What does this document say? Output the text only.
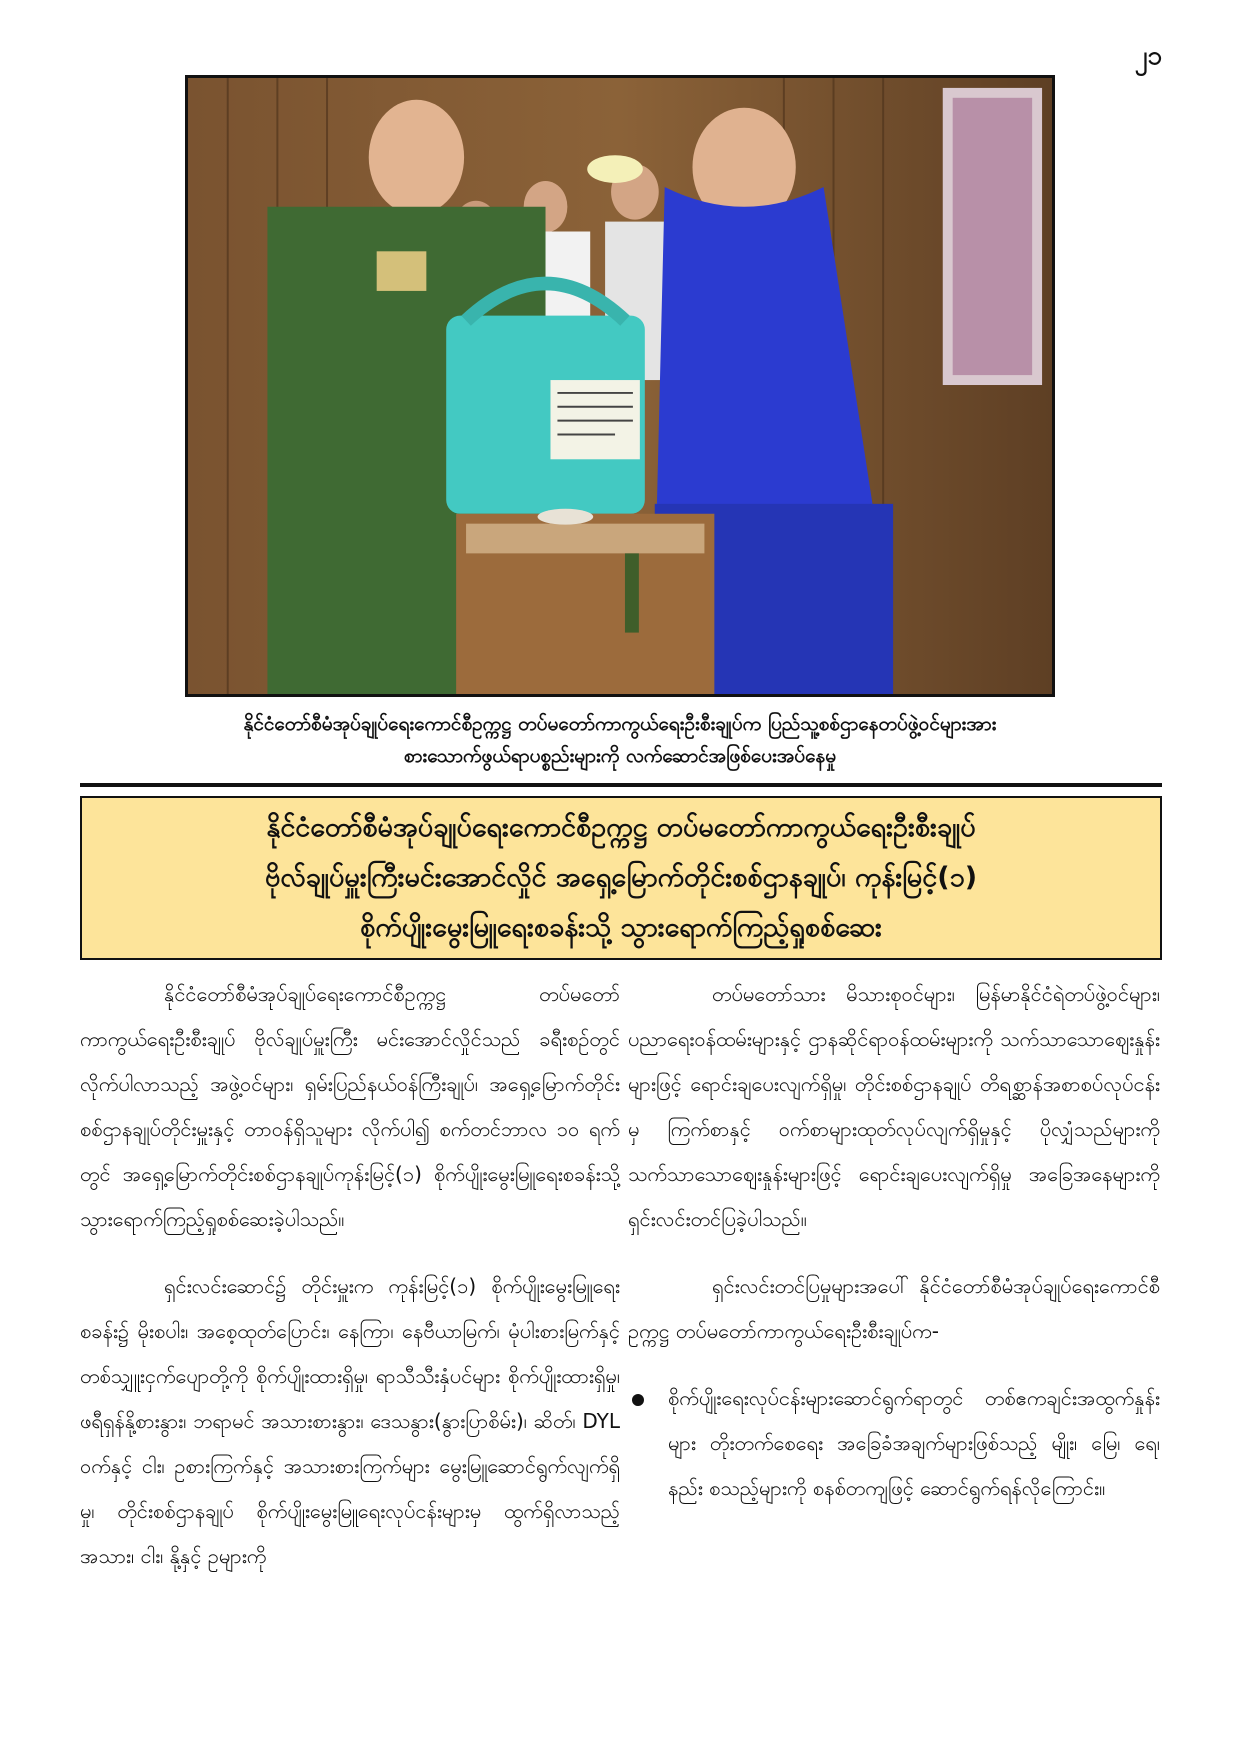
၂၁
နိုင်ငံတော်စီမံအုပ်ချုပ်ရေးကောင်စီဥက္ကဋ္ဌ တပ်မတော်ကာကွယ်ရေးဦးစီးချုပ်က ပြည်သူ့စစ်ဌာနေတပ်ဖွဲ့ဝင်များအား
စားသောက်ဖွယ်ရာပစ္စည်းများကို လက်ဆောင်အဖြစ်ပေးအပ်နေမှု
နိုင်ငံတော်စီမံအုပ်ချုပ်ရေးကောင်စီဥက္ကဋ္ဌ တပ်မတော်ကာကွယ်ရေးဦးစီးချုပ်
ဗိုလ်ချုပ်မှူးကြီးမင်းအောင်လှိုင် အရှေ့မြောက်တိုင်းစစ်ဌာနချုပ်၊ ကုန်းမြင့်(၁)
စိုက်ပျိုးမွေးမြူရေးစခန်းသို့ သွားရောက်ကြည့်ရှုစစ်ဆေး

နိုင်ငံတော်စီမံအုပ်ချုပ်ရေးကောင်စီဥက္ကဋ္ဌ တပ်မတော်ကာကွယ်ရေးဦးစီးချုပ် ဗိုလ်ချုပ်မှူးကြီး မင်းအောင်လှိုင်သည် ခရီးစဉ်တွင်လိုက်ပါလာသည့် အဖွဲ့ဝင်များ၊ ရှမ်းပြည်နယ်ဝန်ကြီးချုပ်၊ အရှေ့မြောက်တိုင်းစစ်ဌာနချုပ်တိုင်းမှူးနှင့် တာဝန်ရှိသူများ လိုက်ပါ၍ စက်တင်ဘာလ ၁၀ ရက်တွင် အရှေ့မြောက်တိုင်းစစ်ဌာနချုပ်ကုန်းမြင့်(၁) စိုက်ပျိုးမွေးမြူရေးစခန်းသို့ သွားရောက်ကြည့်ရှုစစ်ဆေးခဲ့ပါသည်။

ရှင်းလင်းဆောင်၌ တိုင်းမှူးက ကုန်းမြင့်(၁) စိုက်ပျိုးမွေးမြူရေးစခန်း၌ မိုးစပါး၊ အစေ့ထုတ်ပြောင်း၊ နေကြာ၊ နေဗီယာမြက်၊ မုံပါးစားမြက်နှင့် တစ်သျှူးငှက်ပျောတို့ကို စိုက်ပျိုးထားရှိမှု၊ ရာသီသီးနှံပင်များ စိုက်ပျိုးထားရှိမှု၊ ဖရီရှန်နို့စားနွား၊ ဘရာမင် အသားစားနွား၊ ဒေသနွား(နွားပြာစိမ်း)၊ ဆိတ်၊ DYL ဝက်နှင့် ငါး၊ ဥစားကြက်နှင့် အသားစားကြက်များ မွေးမြူဆောင်ရွက်လျက်ရှိမှု၊ တိုင်းစစ်ဌာနချုပ် စိုက်ပျိုးမွေးမြူရေးလုပ်ငန်းများမှ ထွက်ရှိလာသည့် အသား၊ ငါး၊ နို့နှင့် ဥများကို

တပ်မတော်သား မိသားစုဝင်များ၊ မြန်မာနိုင်ငံရဲတပ်ဖွဲ့ဝင်များ၊ ပညာရေးဝန်ထမ်းများနှင့် ဌာနဆိုင်ရာဝန်ထမ်းများကို သက်သာသောဈေးနှုန်းများဖြင့် ရောင်းချပေးလျက်ရှိမှု၊ တိုင်းစစ်ဌာနချုပ် တိရစ္ဆာန်အစာစပ်လုပ်ငန်းမှ ကြက်စာနှင့် ဝက်စာများထုတ်လုပ်လျက်ရှိမှုနှင့် ပိုလျှံသည်များကို သက်သာသောဈေးနှုန်းများဖြင့် ရောင်းချပေးလျက်ရှိမှု အခြေအနေများကို ရှင်းလင်းတင်ပြခဲ့ပါသည်။

ရှင်းလင်းတင်ပြမှုများအပေါ် နိုင်ငံတော်စီမံအုပ်ချုပ်ရေးကောင်စီဥက္ကဋ္ဌ တပ်မတော်ကာကွယ်ရေးဦးစီးချုပ်က-

စိုက်ပျိုးရေးလုပ်ငန်းများဆောင်ရွက်ရာတွင် တစ်ဧကချင်းအထွက်နှုန်းများ တိုးတက်စေရေး အခြေခံအချက်များဖြစ်သည့် မျိုး၊ မြေ၊ ရေ၊ နည်း စသည့်များကို စနစ်တကျဖြင့် ဆောင်ရွက်ရန်လိုကြောင်း။
